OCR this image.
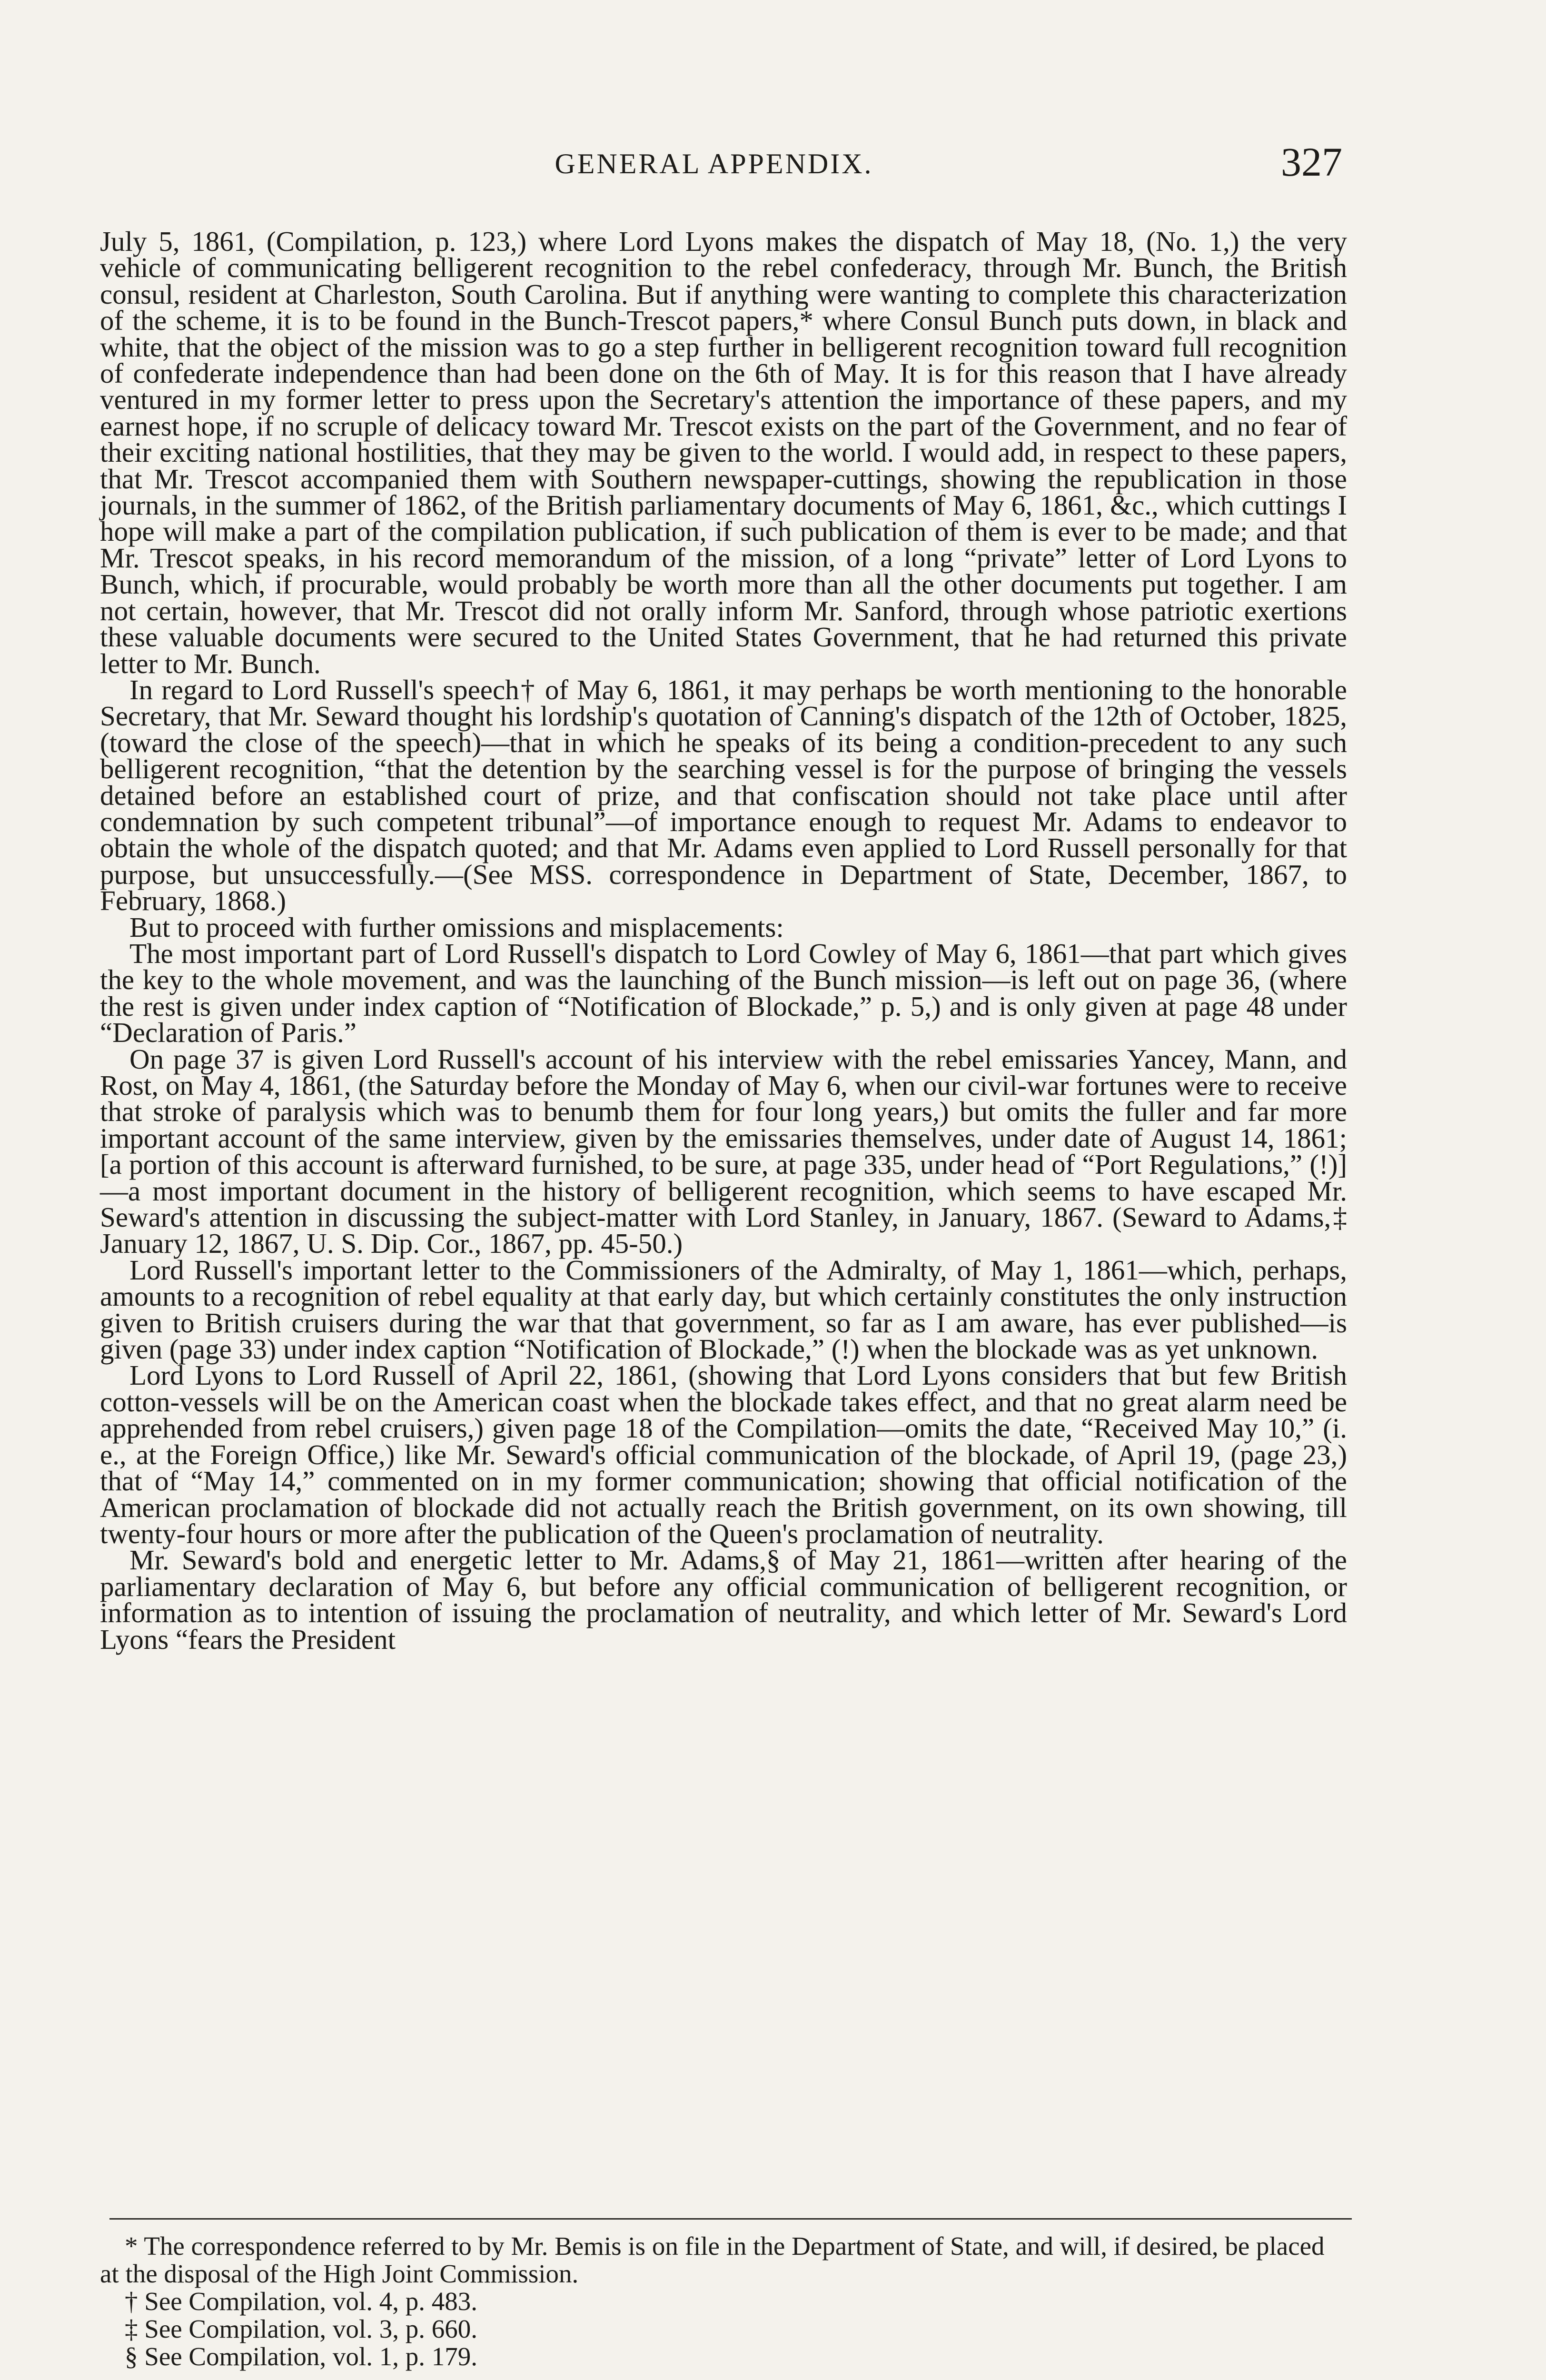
GENERAL APPENDIX.	327

July 5, 1861, (Compilation, p. 123,) where Lord Lyons makes the dispatch of May 18, (No. 1,) the very vehicle of communicating belligerent recognition to the rebel confederacy, through Mr. Bunch, the British consul, resident at Charleston, South Carolina. But if anything were wanting to complete this characterization of the scheme, it is to be found in the Bunch-Trescot papers,* where Consul Bunch puts down, in black and white, that the object of the mission was to go a step further in belligerent recognition toward full recognition of confederate independence than had been done on the 6th of May. It is for this reason that I have already ventured in my former letter to press upon the Secretary's attention the importance of these papers, and my earnest hope, if no scruple of delicacy toward Mr. Trescot exists on the part of the Government, and no fear of their exciting national hostilities, that they may be given to the world. I would add, in respect to these papers, that Mr. Trescot accompanied them with Southern newspaper-cuttings, showing the republication in those journals, in the summer of 1862, of the British parliamentary documents of May 6, 1861, &c., which cuttings I hope will make a part of the compilation publication, if such publication of them is ever to be made; and that Mr. Trescot speaks, in his record memorandum of the mission, of a long “private” letter of Lord Lyons to Bunch, which, if procurable, would probably be worth more than all the other documents put together. I am not certain, however, that Mr. Trescot did not orally inform Mr. Sanford, through whose patriotic exertions these valuable documents were secured to the United States Government, that he had returned this private letter to Mr. Bunch.

In regard to Lord Russell's speech† of May 6, 1861, it may perhaps be worth mentioning to the honorable Secretary, that Mr. Seward thought his lordship's quotation of Canning's dispatch of the 12th of October, 1825, (toward the close of the speech)—that in which he speaks of its being a condition-precedent to any such belligerent recognition, “that the detention by the searching vessel is for the purpose of bringing the vessels detained before an established court of prize, and that confiscation should not take place until after condemnation by such competent tribunal”—of importance enough to request Mr. Adams to endeavor to obtain the whole of the dispatch quoted; and that Mr. Adams even applied to Lord Russell personally for that purpose, but unsuccessfully.—(See MSS. correspondence in Department of State, December, 1867, to February, 1868.)

But to proceed with further omissions and misplacements:

The most important part of Lord Russell's dispatch to Lord Cowley of May 6, 1861—that part which gives the key to the whole movement, and was the launching of the Bunch mission—is left out on page 36, (where the rest is given under index caption of “Notification of Blockade,” p. 5,) and is only given at page 48 under “Declaration of Paris.”

On page 37 is given Lord Russell's account of his interview with the rebel emissaries Yancey, Mann, and Rost, on May 4, 1861, (the Saturday before the Monday of May 6, when our civil-war fortunes were to receive that stroke of paralysis which was to benumb them for four long years,) but omits the fuller and far more important account of the same interview, given by the emissaries themselves, under date of August 14, 1861; [a portion of this account is afterward furnished, to be sure, at page 335, under head of “Port Regulations,” (!)]—a most important document in the history of belligerent recognition, which seems to have escaped Mr. Seward's attention in discussing the subject-matter with Lord Stanley, in January, 1867. (Seward to Adams,‡ January 12, 1867, U. S. Dip. Cor., 1867, pp. 45-50.)

Lord Russell's important letter to the Commissioners of the Admiralty, of May 1, 1861—which, perhaps, amounts to a recognition of rebel equality at that early day, but which certainly constitutes the only instruction given to British cruisers during the war that that government, so far as I am aware, has ever published—is given (page 33) under index caption “Notification of Blockade,” (!) when the blockade was as yet unknown.

Lord Lyons to Lord Russell of April 22, 1861, (showing that Lord Lyons considers that but few British cotton-vessels will be on the American coast when the blockade takes effect, and that no great alarm need be apprehended from rebel cruisers,) given page 18 of the Compilation—omits the date, “Received May 10,” (i. e., at the Foreign Office,) like Mr. Seward's official communication of the blockade, of April 19, (page 23,) that of “May 14,” commented on in my former communication; showing that official notification of the American proclamation of blockade did not actually reach the British government, on its own showing, till twenty-four hours or more after the publication of the Queen's proclamation of neutrality.

Mr. Seward's bold and energetic letter to Mr. Adams,§ of May 21, 1861—written after hearing of the parliamentary declaration of May 6, but before any official communication of belligerent recognition, or information as to intention of issuing the proclamation of neutrality, and which letter of Mr. Seward's Lord Lyons “fears the President

* The correspondence referred to by Mr. Bemis is on file in the Department of State, and will, if desired, be placed at the disposal of the High Joint Commission.

† See Compilation, vol. 4, p. 483.

‡ See Compilation, vol. 3, p. 660.

§ See Compilation, vol. 1, p. 179.
